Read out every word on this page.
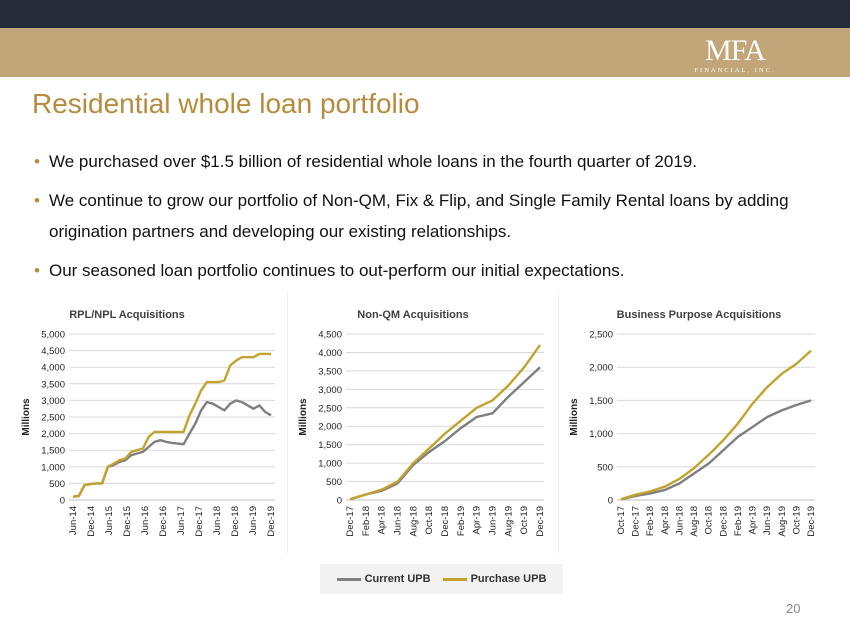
MFA
FINANCIAL, INC.
Residential whole loan portfolio
• We purchased over $1.5 billion of residential whole loans in the fourth quarter of 2019.
• We continue to grow our portfolio of Non-QM, Fix & Flip, and Single Family Rental loans by adding origination partners and developing our existing relationships.
• Our seasoned loan portfolio continues to out-perform our initial expectations.
RPL/NPL Acquisitions
Millions
0
500
1,000
1,500
2,000
2,500
3,000
3,500
4,000
4,500
5,000
Jun-14 Dec-14 Jun-15 Dec-15 Jun-16 Dec-16 Jun-17 Dec-17 Jun-18 Dec-18 Jun-19 Dec-19
Non-QM Acquisitions
Millions
0
500
1,000
1,500
2,000
2,500
3,000
3,500
4,000
4,500
Dec-17 Feb-18 Apr-18 Jun-18 Aug-18 Oct-18 Dec-18 Feb-19 Apr-19 Jun-19 Aug-19 Oct-19 Dec-19
Business Purpose Acquisitions
Millions
0
500
1,000
1,500
2,000
2,500
Oct-17 Dec-17 Feb-18 Apr-18 Jun-18 Aug-18 Oct-18 Dec-18 Feb-19 Apr-19 Jun-19 Aug-19 Oct-19 Dec-19
Current UPB	Purchase UPB
20
